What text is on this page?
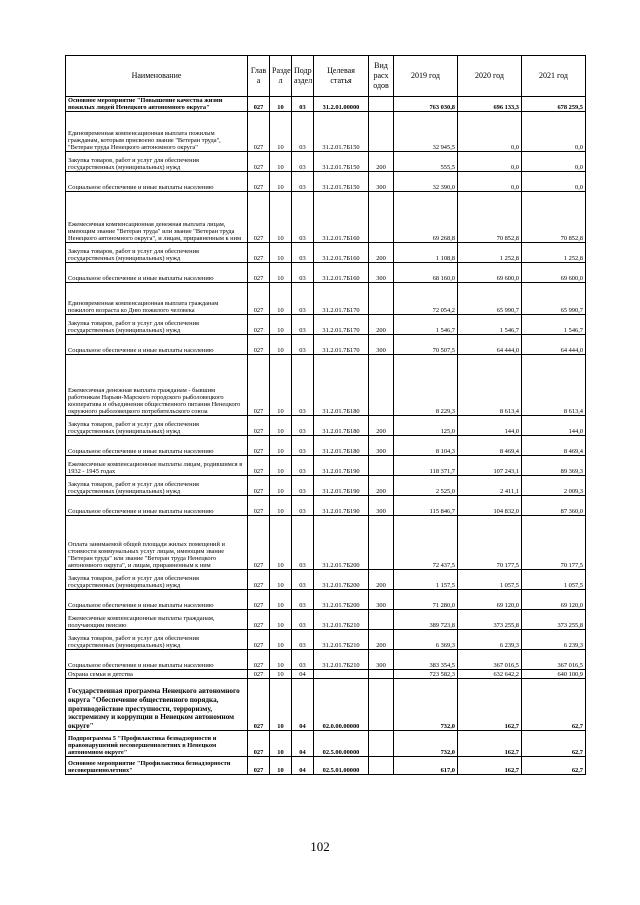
Наименование	Глав а	Разде л	Подр аздел	Целевая статья	Вид расх одов	2019 год	2020 год	2021 год
Основное мероприятие "Повышение качества жизни пожилых людей Ненецкого автономного округа"	027	10	03	31.2.01.00000		763 030,8	696 133,3	678 259,5
Единовременная компенсационная выплата пожилым гражданам, которым присвоено звание "Ветеран труда", "Ветеран труда Ненецкого автономного округа"	027	10	03	31.2.01.7Б150		32 945,5	0,0	0,0
Закупка товаров, работ и услуг для обеспечения государственных (муниципальных) нужд	027	10	03	31.2.01.7Б150	200	555,5	0,0	0,0
Социальное обеспечение и иные выплаты населению	027	10	03	31.2.01.7Б150	300	32 390,0	0,0	0,0
Ежемесячная компенсационная денежная выплата лицам, имеющим звание "Ветеран труда" или звание "Ветеран труда Ненецкого автономного округа", и лицам, приравненным к ним	027	10	03	31.2.01.7Б160		69 268,8	70 852,8	70 852,8
Закупка товаров, работ и услуг для обеспечения государственных (муниципальных) нужд	027	10	03	31.2.01.7Б160	200	1 108,8	1 252,8	1 252,8
Социальное обеспечение и иные выплаты населению	027	10	03	31.2.01.7Б160	300	68 160,0	69 600,0	69 600,0
Единовременная компенсационная выплата гражданам пожилого возраста ко Дню пожилого человека	027	10	03	31.2.01.7Б170		72 054,2	65 990,7	65 990,7
Закупка товаров, работ и услуг для обеспечения государственных (муниципальных) нужд	027	10	03	31.2.01.7Б170	200	1 546,7	1 546,7	1 546,7
Социальное обеспечение и иные выплаты населению	027	10	03	31.2.01.7Б170	300	70 507,5	64 444,0	64 444,0
Ежемесячная денежная выплата гражданам - бывшим работникам Нарьян-Марского городского рыболовецкого кооператива и объединения общественного питания Ненецкого окружного рыболовецкого потребительского союза	027	10	03	31.2.01.7Б180		8 229,3	8 613,4	8 613,4
Закупка товаров, работ и услуг для обеспечения государственных (муниципальных) нужд	027	10	03	31.2.01.7Б180	200	125,0	144,0	144,0
Социальное обеспечение и иные выплаты населению	027	10	03	31.2.01.7Б180	300	8 104,3	8 469,4	8 469,4
Ежемесячные компенсационные выплаты лицам, родившимся в 1932 - 1945 годах	027	10	03	31.2.01.7Б190		118 371,7	107 243,1	89 369,3
Закупка товаров, работ и услуг для обеспечения государственных (муниципальных) нужд	027	10	03	31.2.01.7Б190	200	2 525,0	2 411,1	2 009,3
Социальное обеспечение и иные выплаты населению	027	10	03	31.2.01.7Б190	300	115 846,7	104 832,0	87 360,0
Оплата занимаемой общей площади жилых помещений и стоимости коммунальных услуг лицам, имеющим звание "Ветеран труда" или звание "Ветеран труда Ненецкого автономного округа", и лицам, приравненным к ним	027	10	03	31.2.01.7Б200		72 437,5	70 177,5	70 177,5
Закупка товаров, работ и услуг для обеспечения государственных (муниципальных) нужд	027	10	03	31.2.01.7Б200	200	1 157,5	1 057,5	1 057,5
Социальное обеспечение и иные выплаты населению	027	10	03	31.2.01.7Б200	300	71 280,0	69 120,0	69 120,0
Ежемесячные компенсационные выплаты гражданам, получающим пенсию	027	10	03	31.2.01.7Б210		389 723,8	373 255,8	373 255,8
Закупка товаров, работ и услуг для обеспечения государственных (муниципальных) нужд	027	10	03	31.2.01.7Б210	200	6 369,3	6 239,3	6 239,3
Социальное обеспечение и иные выплаты населению	027	10	03	31.2.01.7Б210	300	383 354,5	367 016,5	367 016,5
Охрана семьи и детства	027	10	04			723 582,3	632 642,2	640 100,9
Государственная программа Ненецкого автономного округа "Обеспечение общественного порядка, противодействие преступности, терроризму, экстремизму и коррупции в Ненецком автономном округе"	027	10	04	02.0.00.00000		732,0	162,7	62,7
Подпрограмма 5 "Профилактика безнадзорности и правонарушений несовершеннолетних в Ненецком автономном округе"	027	10	04	02.5.00.00000		732,0	162,7	62,7
Основное мероприятие "Профилактика безнадзорности несовершеннолетних"	027	10	04	02.5.01.00000		617,0	162,7	62,7
102
